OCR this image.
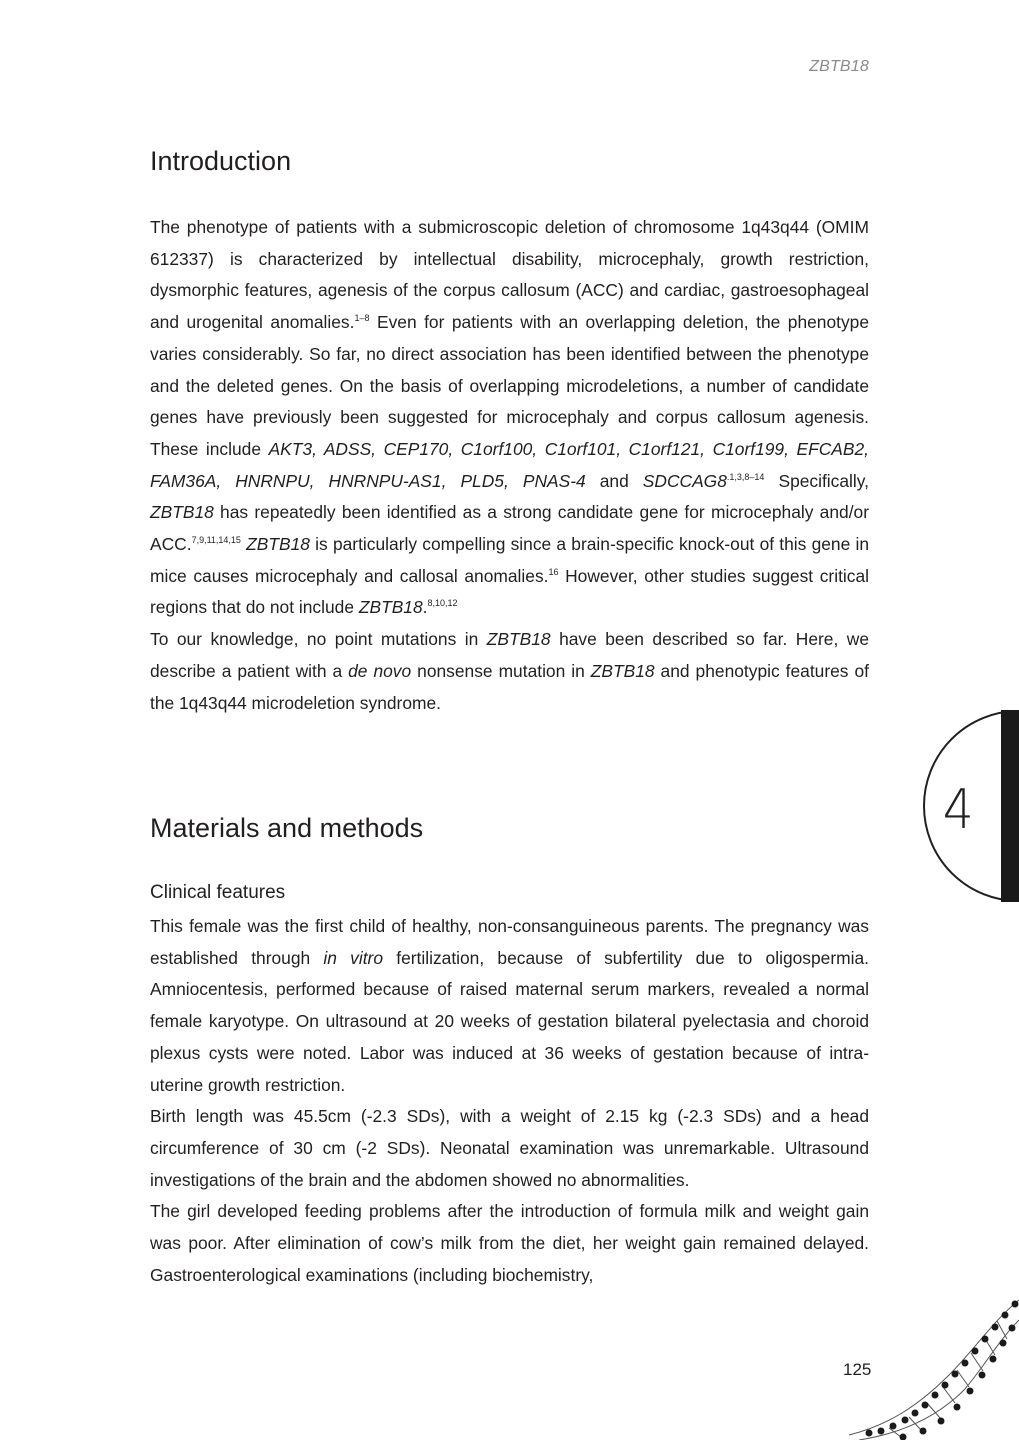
ZBTB18
Introduction

The phenotype of patients with a submicroscopic deletion of chromosome 1q43q44 (OMIM 612337) is characterized by intellectual disability, microcephaly, growth restriction, dysmorphic features, agenesis of the corpus callosum (ACC) and cardiac, gastroesophageal and urogenital anomalies.$^{1-8}$ Even for patients with an overlapping deletion, the phenotype varies considerably. So far, no direct association has been identified between the phenotype and the deleted genes. On the basis of overlapping microdeletions, a number of candidate genes have previously been suggested for microcephaly and corpus callosum agenesis. These include AKT3, ADSS, CEP170, C1orf100, C1orf101, C1orf121, C1orf199, EFCAB2, FAM36A, HNRNPU, HNRNPU-AS1, PLD5, PNAS-4 and $SDCCAG8^{.1,3,8-14}$ Specifically, ZBTB18 has repeatedly been identified as a strong candidate gene for microcephaly and/or ACC.$^{7,9,11,14,15}$ ZBTB18 is particularly compelling since a brain-specific knock-out of this gene in mice causes microcephaly and callosal anomalies.$^{16}$ However, other studies suggest critical regions that do not include ZBTB18.$^{8,10,12}$

To our knowledge, no point mutations in ZBTB18 have been described so far. Here, we describe a patient with a de novo nonsense mutation in ZBTB18 and phenotypic features of the 1q43q44 microdeletion syndrome.

Materials and methods
Clinical features

This female was the first child of healthy, non-consanguineous parents. The pregnancy was established through in vitro fertilization, because of subfertility due to oligospermia. Amniocentesis, performed because of raised maternal serum markers, revealed a normal female karyotype. On ultrasound at 20 weeks of gestation bilateral pyelectasia and choroid plexus cysts were noted. Labor was induced at 36 weeks of gestation because of intra-uterine growth restriction.

Birth length was 45.5cm (-2.3 SDs), with a weight of 2.15 kg (-2.3 SDs) and a head circumference of 30 cm (-2 SDs). Neonatal examination was unremarkable. Ultrasound investigations of the brain and the abdomen showed no abnormalities.

The girl developed feeding problems after the introduction of formula milk and weight gain was poor. After elimination of cow’s milk from the diet, her weight gain remained delayed. Gastroenterological examinations (including biochemistry,

4
125
